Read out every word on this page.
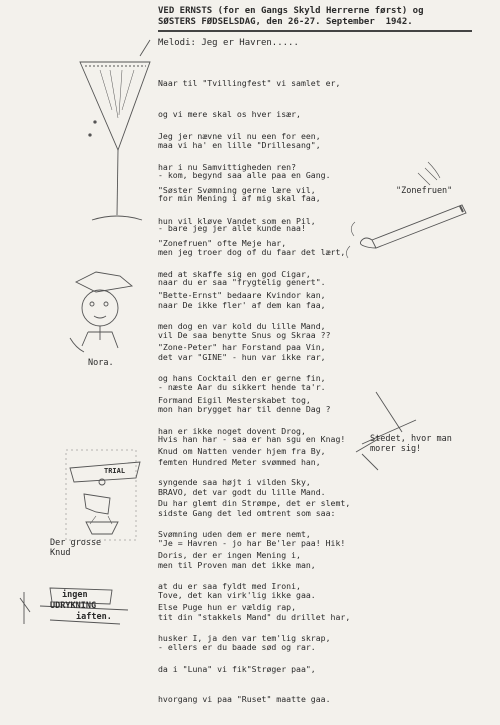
VED ERNSTS (for en Gangs Skyld Herrerne først) og
SØSTERS FØDSELSDAG, den 26-27. September  1942.
Melodi: Jeg er Havren.....

Naar til "Tvillingfest" vi samlet er,

og vi mere skal os hver især,

maa vi ha' en lille "Drillesang",

- kom, begynd saa alle paa en Gang.

Jeg jer nævne vil nu een for een,

har i nu Samvittigheden ren?

for min Mening i af mig skal faa,

- bare jeg jer alle kunde naa!

"Søster Svømning gerne lære vil,

hun vil kløve Vandet som en Pil,

men jeg troer dog of du faar det lært,

naar du er saa "frygtelig genert".

"Zonefruen" ofte Meje har,

med at skaffe sig en god Cigar,

naar De ikke fler' af dem kan faa,

vil De saa benytte Snus og Skraa ??

"Bette-Ernst" bedaare Kvindor kan,

men dog en var kold du lille Mand,

det var "GINE" - hun var ikke rar,

- næste Aar du sikkert hende ta'r.

"Zone-Peter" har Forstand paa Vin,

og hans Cocktail den er gerne fin,

mon han brygget har til denne Dag ?

Hvis han har - saa er han sgu en Knag!

Formand Eigil Mesterskabet tog,

han er ikke noget dovent Drog,

femten Hundred Meter svømmed han,

BRAVO, det var godt du lille Mand.

Knud om Natten vender hjem fra By,

syngende saa højt i vilden Sky,

sidste Gang det led omtrent som saa:

"Je = Havren - jo har Be'ler paa! Hik!

Du har glemt din Strømpe, det er slemt,

Svømning uden dem er mere nemt,

men til Proven man det ikke man,

Tove, det kan virk'lig ikke gaa.

Doris, der er ingen Mening i,

at du er saa fyldt med Ironi,

tit din "stakkels Mand" du drillet har,

- ellers er du baade sød og rar.

Else Puge hun er vældig rap,

husker I, ja den var tem'lig skrap,

da i "Luna" vi fik"Strøger paa",

hvorgang vi paa "Ruset" maatte gaa.

"Zonefruen"
Nora.
Stedet, hvor man
morer sig!
TRIAL
Der grosse
Knud
ingen
UDRYKNING
iaften.
